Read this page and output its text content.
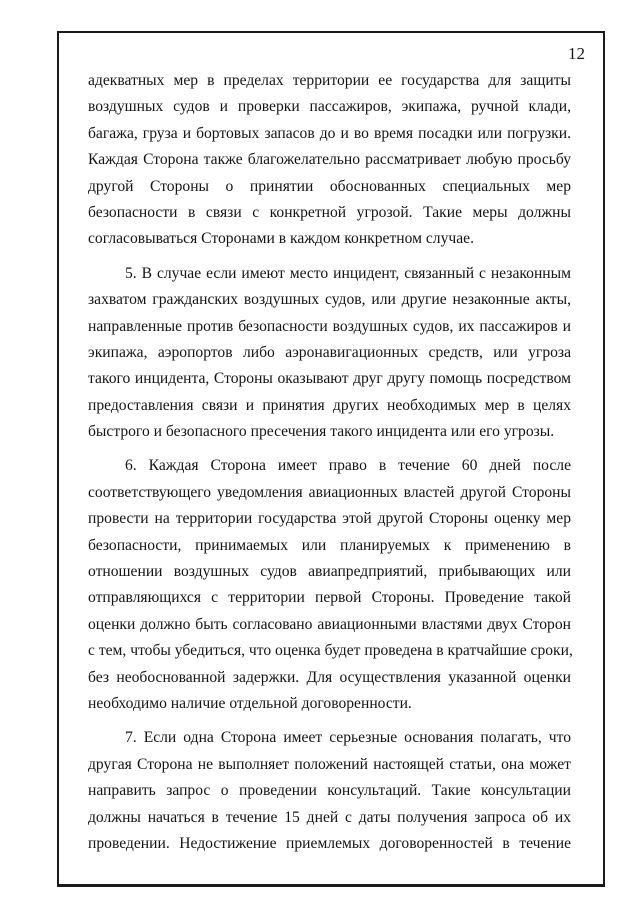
12
адекватных мер в пределах территории ее государства для защиты
воздушных судов и проверки пассажиров, экипажа, ручной клади,
багажа, груза и бортовых запасов до и во время посадки или погрузки.
Каждая Сторона также благожелательно рассматривает любую просьбу
другой Стороны о принятии обоснованных специальных мер
безопасности в связи с конкретной угрозой. Такие меры должны
согласовываться Сторонами в каждом конкретном случае.
5. В случае если имеют место инцидент, связанный с незаконным
захватом гражданских воздушных судов, или другие незаконные акты,
направленные против безопасности воздушных судов, их пассажиров и
экипажа, аэропортов либо аэронавигационных средств, или угроза
такого инцидента, Стороны оказывают друг другу помощь посредством
предоставления связи и принятия других необходимых мер в целях
быстрого и безопасного пресечения такого инцидента или его угрозы.
6. Каждая Сторона имеет право в течение 60 дней после
соответствующего уведомления авиационных властей другой Стороны
провести на территории государства этой другой Стороны оценку мер
безопасности, принимаемых или планируемых к применению в
отношении воздушных судов авиапредприятий, прибывающих или
отправляющихся с территории первой Стороны. Проведение такой
оценки должно быть согласовано авиационными властями двух Сторон
с тем, чтобы убедиться, что оценка будет проведена в кратчайшие сроки,
без необоснованной задержки. Для осуществления указанной оценки
необходимо наличие отдельной договоренности.
7. Если одна Сторона имеет серьезные основания полагать, что
другая Сторона не выполняет положений настоящей статьи, она может
направить запрос о проведении консультаций. Такие консультации
должны начаться в течение 15 дней с даты получения запроса об их
проведении. Недостижение приемлемых договоренностей в течение
